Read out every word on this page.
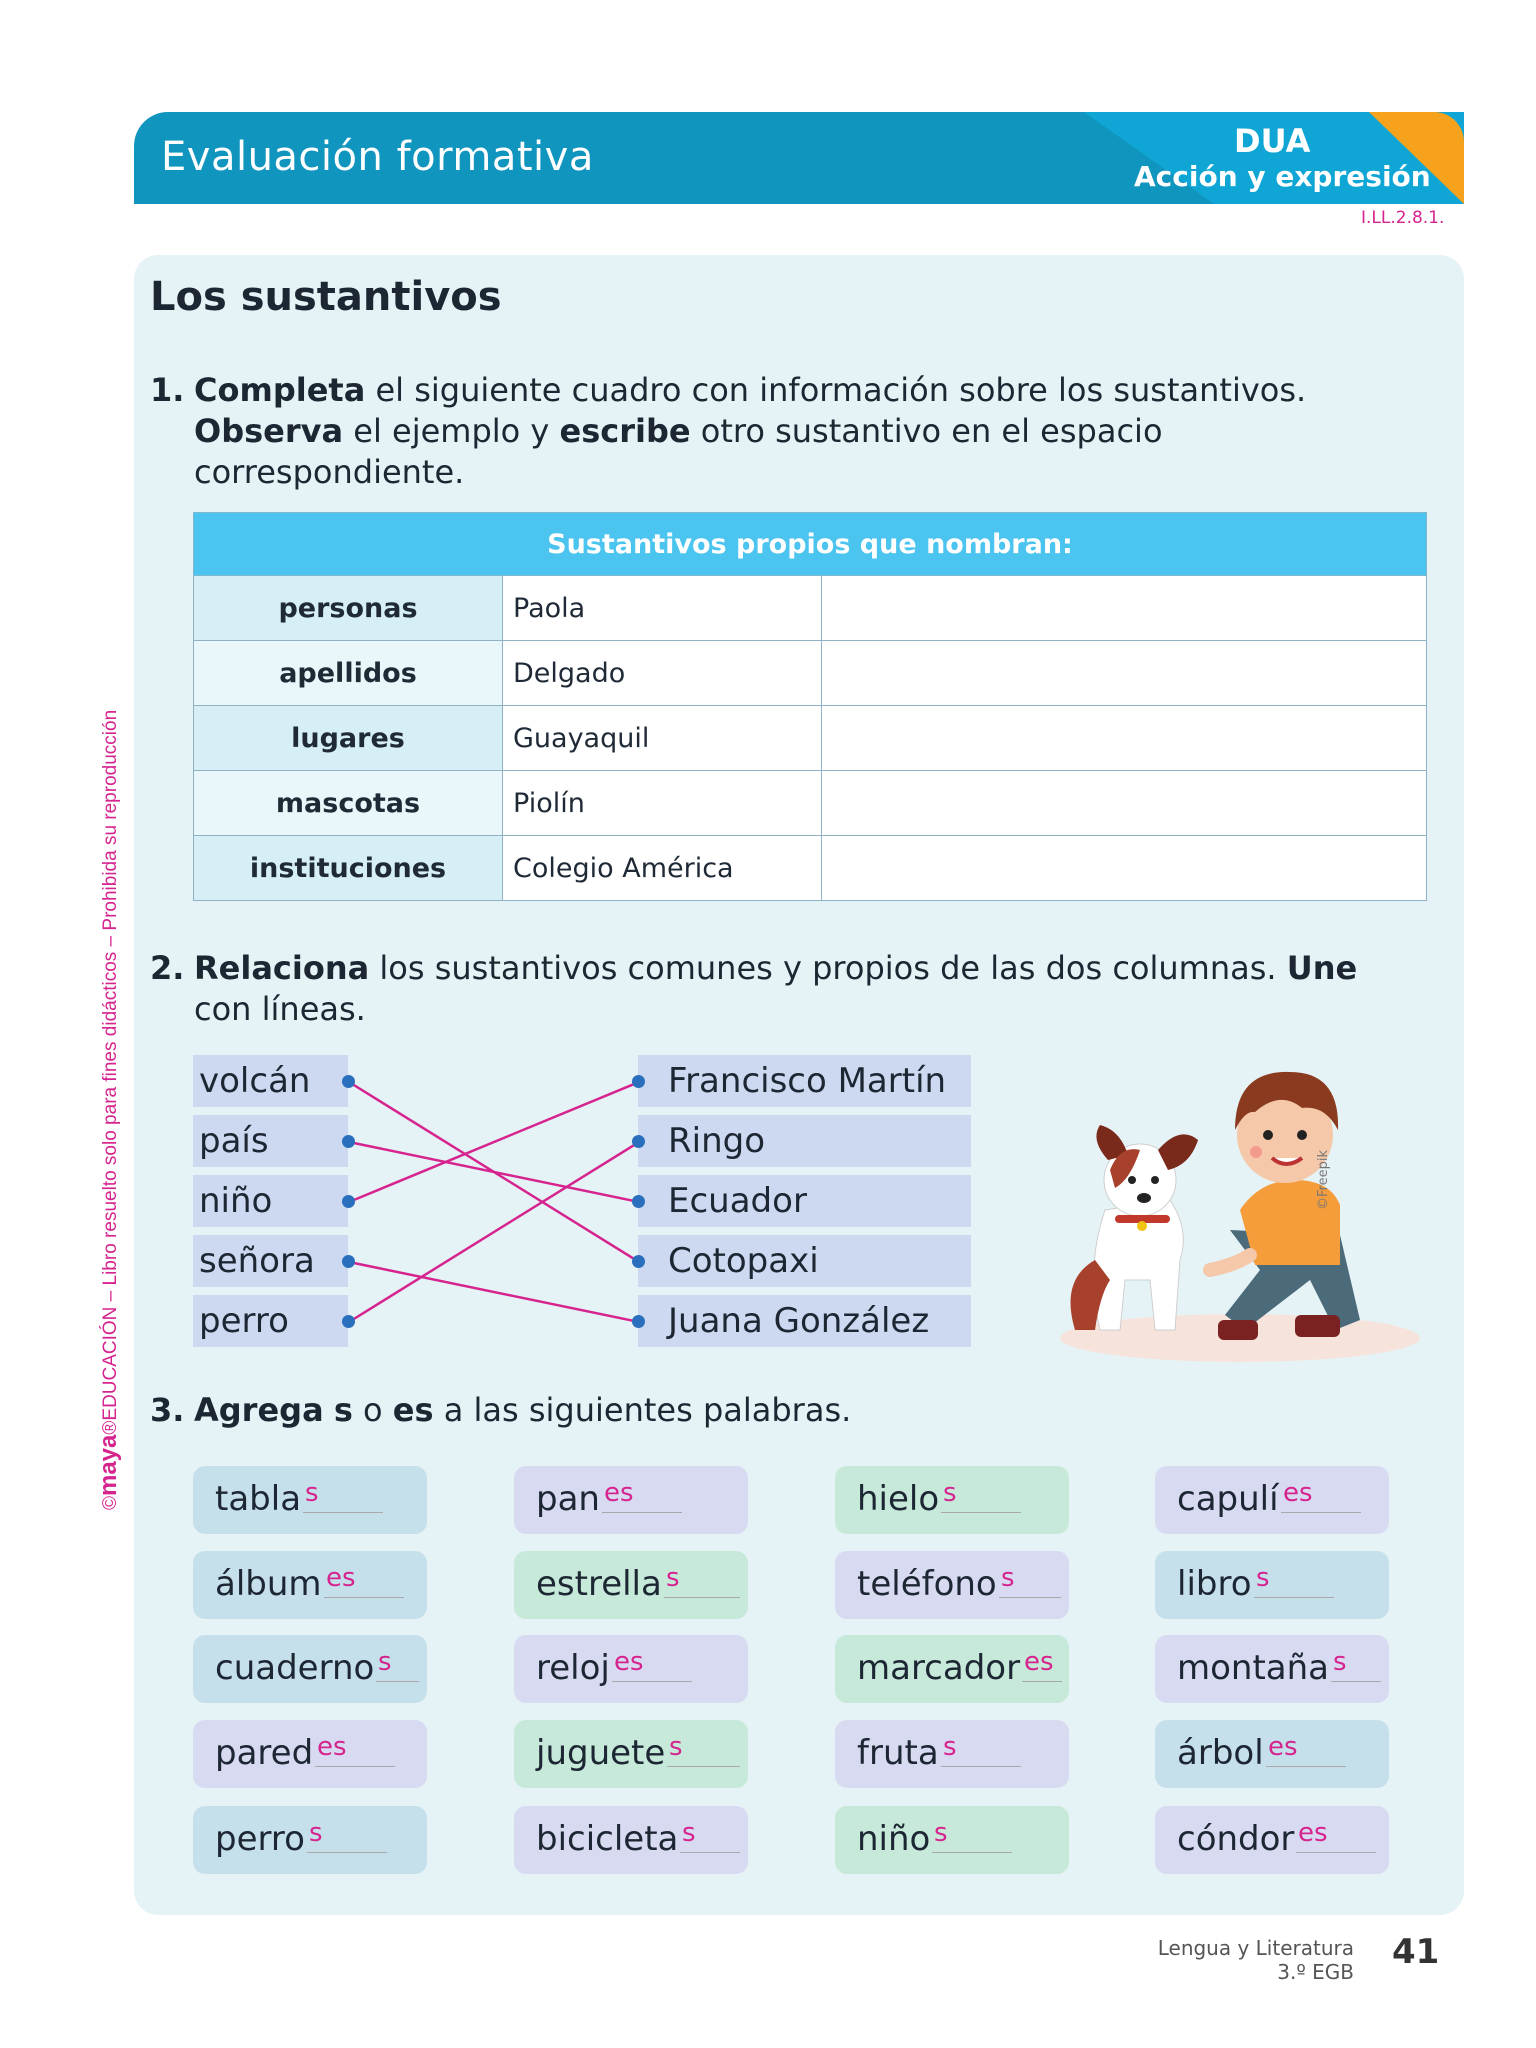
Evaluación formativa	DUA
Acción y expresión
I.LL.2.8.1.
©maya®EDUCACIÓN – Libro resuelto solo para fines didácticos – Prohibida su reproducción
Los sustantivos
1. Completa el siguiente cuadro con información sobre los sustantivos.
Observa el ejemplo y escribe otro sustantivo en el espacio
correspondiente.
Sustantivos propios que nombran:		
personas	Paola	
apellidos	Delgado	
lugares	Guayaquil	
mascotas	Piolín	
instituciones	Colegio América	
2. Relaciona los sustantivos comunes y propios de las dos columnas. Une
con líneas.
volcán
país
niño
señora
perro
Francisco Martín
Ringo
Ecuador
Cotopaxi
Juana González
©Freepik
3. Agrega s o es a las siguientes palabras.
tabla s
álbum es
cuaderno s
pared es
perro s
pan es
estrella s
reloj es
juguete s
bicicleta s
hielo s
teléfono s
marcador es
fruta s
niño s
capulí es
libro s
montaña s
árbol es
cóndor es
Lengua y Literatura
3.º EGB 41
